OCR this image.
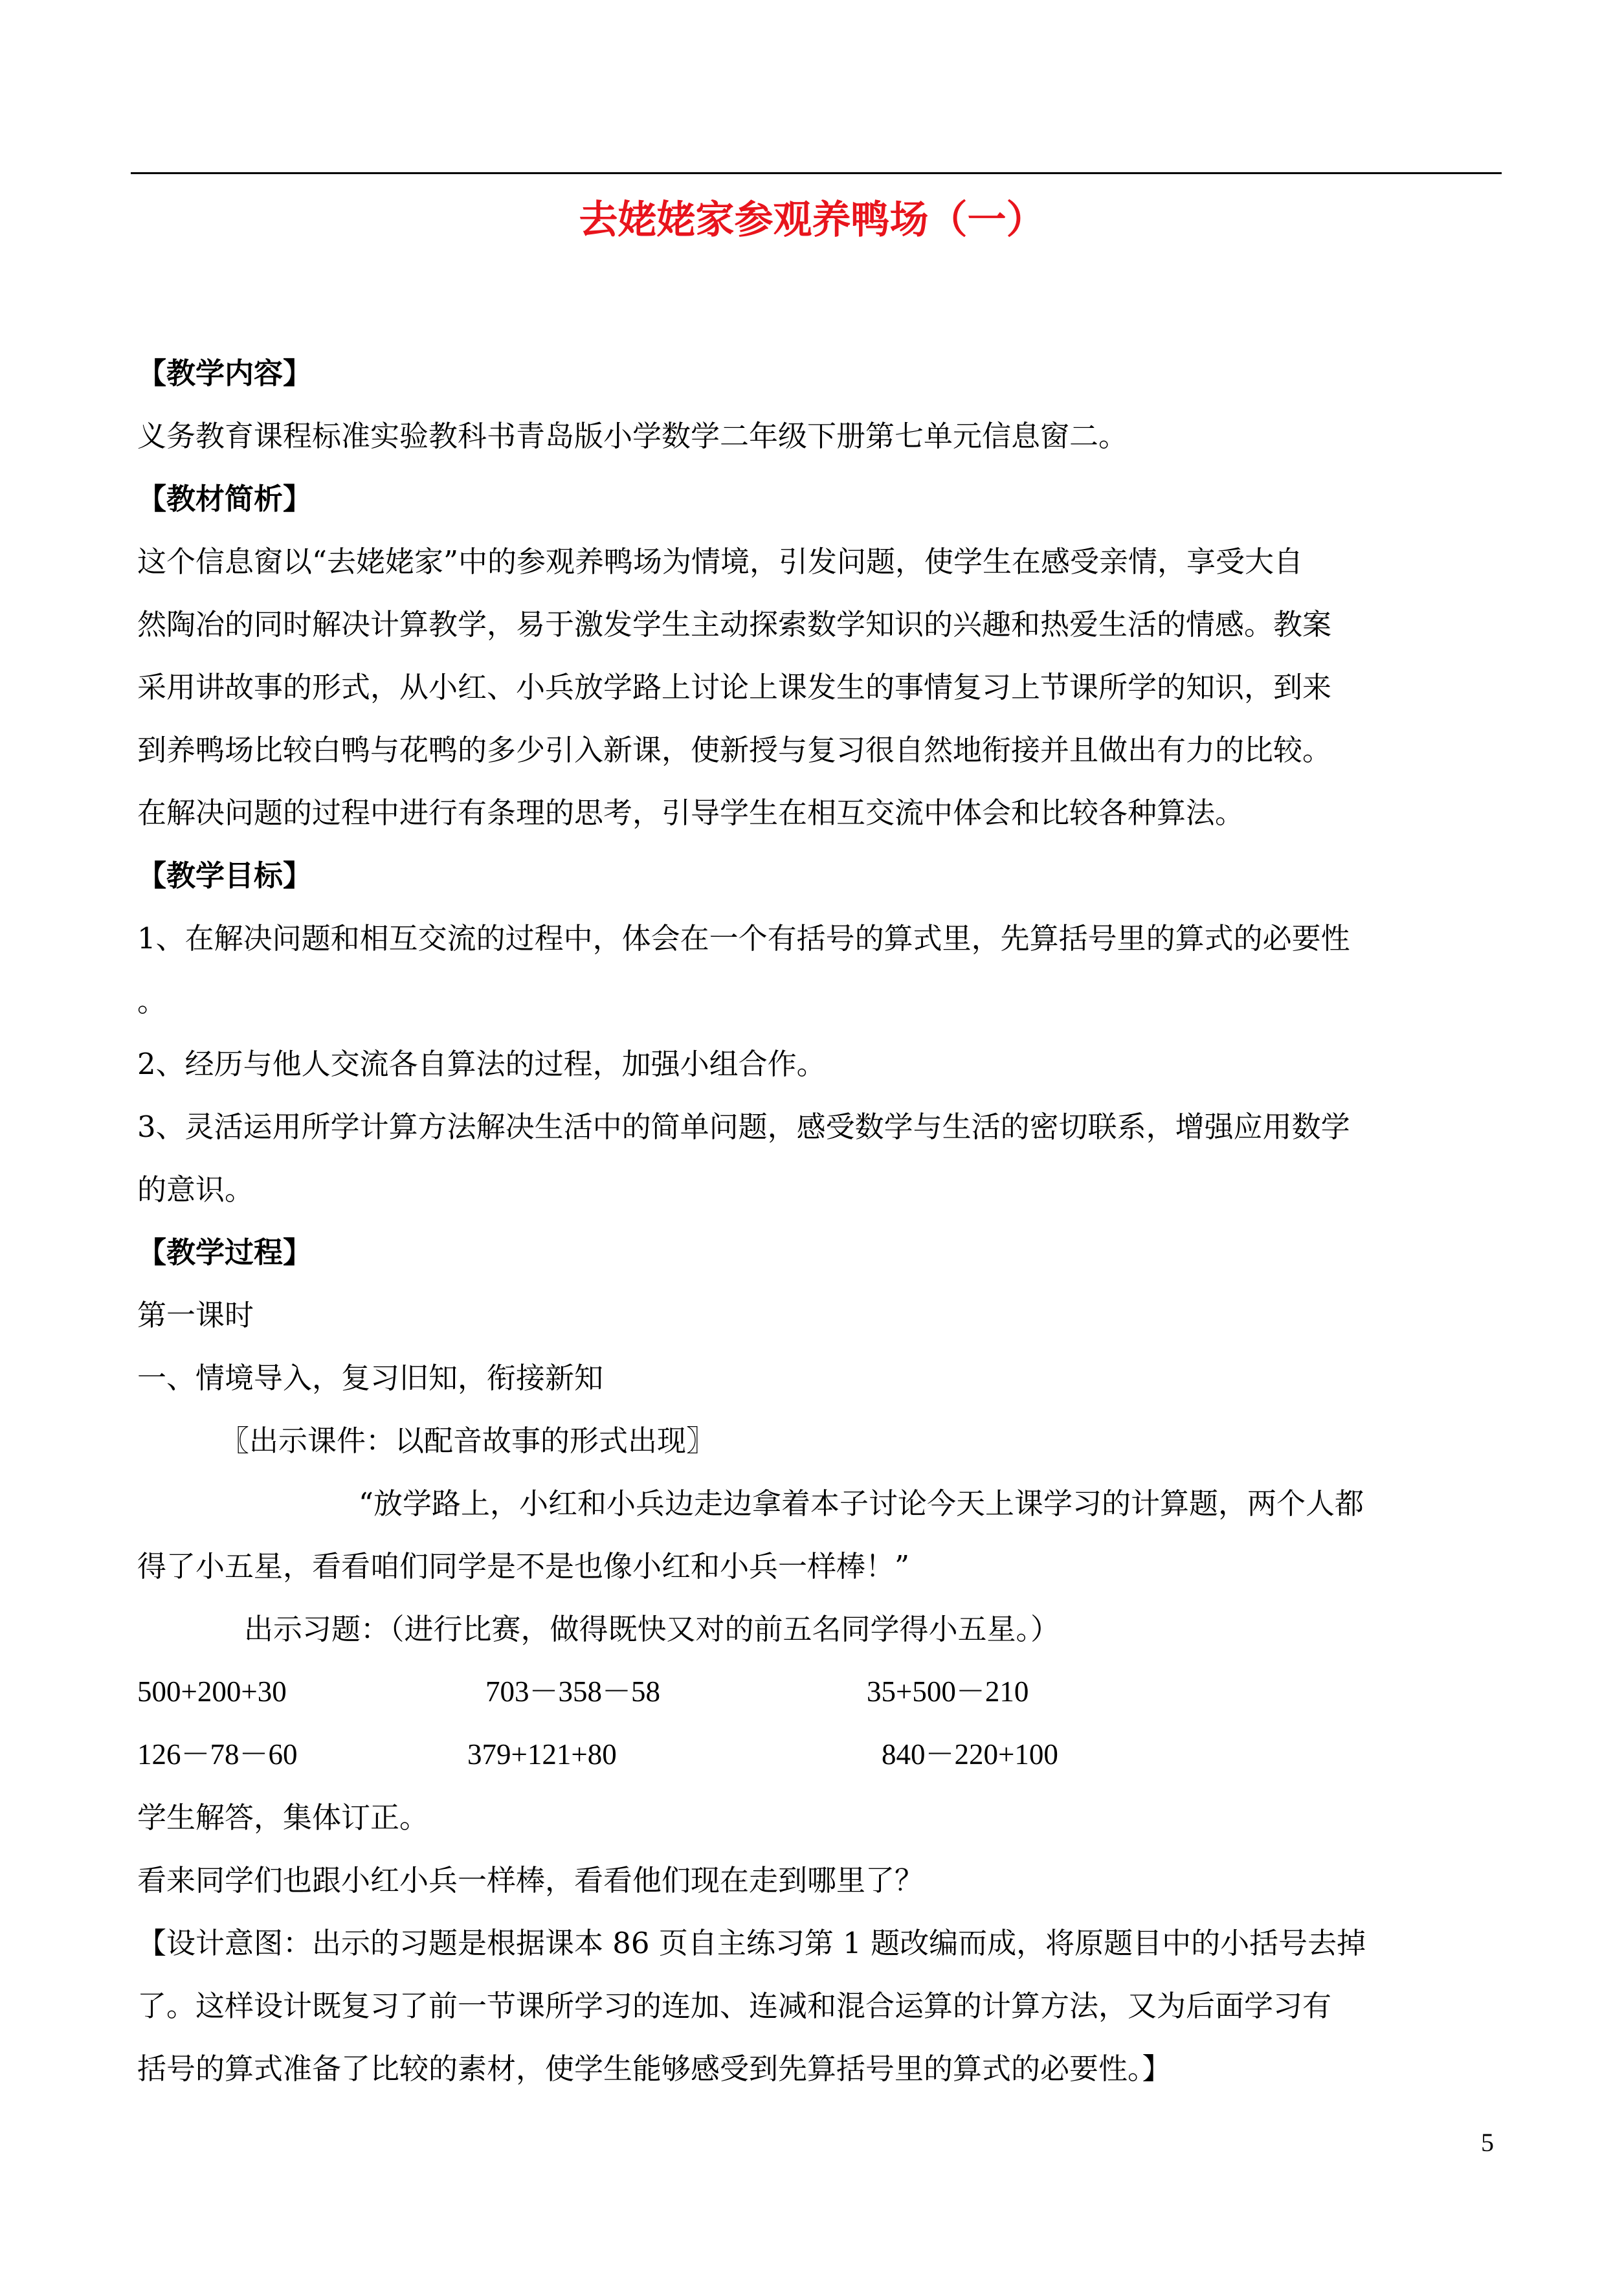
去姥姥家参观养鸭场（一）
【教学内容】
义务教育课程标准实验教科书青岛版小学数学二年级下册第七单元信息窗二。
【教材简析】
这个信息窗以“去姥姥家”中的参观养鸭场为情境，引发问题，使学生在感受亲情，享受大自
然陶冶的同时解决计算教学，易于激发学生主动探索数学知识的兴趣和热爱生活的情感。教案
采用讲故事的形式，从小红、小兵放学路上讨论上课发生的事情复习上节课所学的知识，到来
到养鸭场比较白鸭与花鸭的多少引入新课，使新授与复习很自然地衔接并且做出有力的比较。
在解决问题的过程中进行有条理的思考，引导学生在相互交流中体会和比较各种算法。
【教学目标】
1、在解决问题和相互交流的过程中，体会在一个有括号的算式里，先算括号里的算式的必要性
。
2、经历与他人交流各自算法的过程，加强小组合作。
3、灵活运用所学计算方法解决生活中的简单问题，感受数学与生活的密切联系，增强应用数学
的意识。
【教学过程】
第一课时
一、情境导入，复习旧知，衔接新知
〖出示课件：以配音故事的形式出现〗
“放学路上，小红和小兵边走边拿着本子讨论今天上课学习的计算题，两个人都
得了小五星，看看咱们同学是不是也像小红和小兵一样棒！”
出示习题：（进行比赛，做得既快又对的前五名同学得小五星。）
500+200+30	703－358－58	35+500－210
126－78－60	379+121+80	840－220+100
学生解答，集体订正。
看来同学们也跟小红小兵一样棒，看看他们现在走到哪里了？
【设计意图：出示的习题是根据课本 86 页自主练习第 1 题改编而成，将原题目中的小括号去掉
了。这样设计既复习了前一节课所学习的连加、连减和混合运算的计算方法，又为后面学习有
括号的算式准备了比较的素材，使学生能够感受到先算括号里的算式的必要性。】
5
